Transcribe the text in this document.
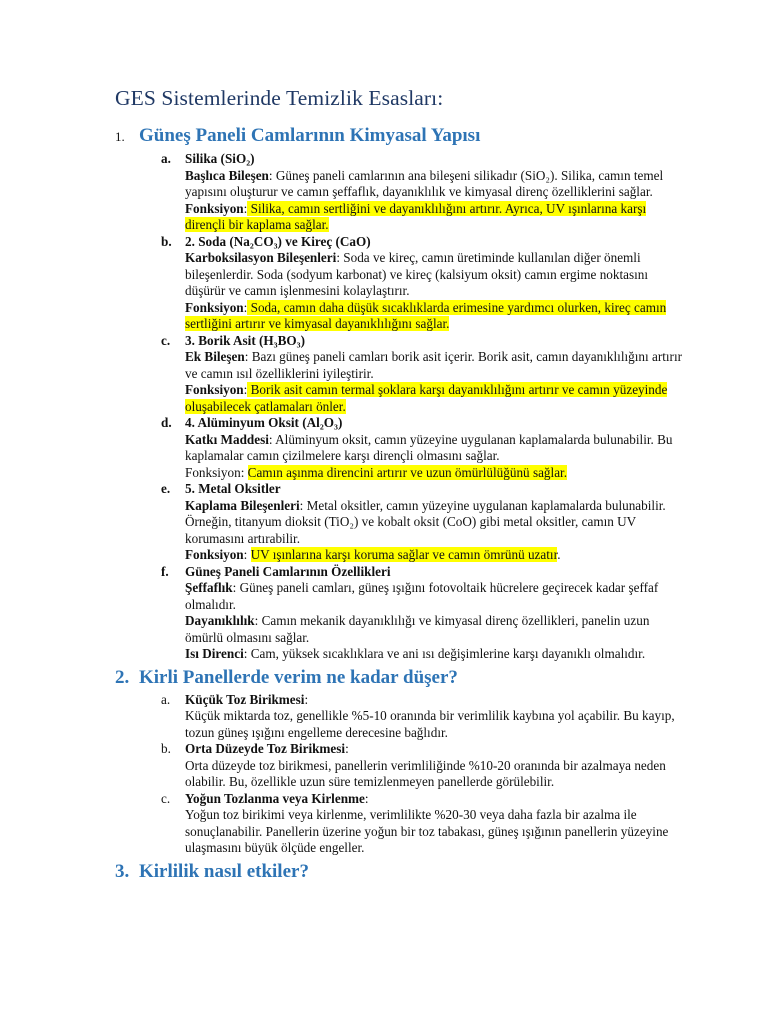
GES Sistemlerinde Temizlik Esasları:
1. Güneş Paneli Camlarının Kimyasal Yapısı
a.	Silika (SiO₂)

Başlıca Bileşen: Güneş paneli camlarının ana bileşeni silikadır (SiO₂). Silika, camın temel yapısını oluşturur ve camın şeffaflık, dayanıklılık ve kimyasal direnç özelliklerini sağlar.

Fonksiyon: Silika, camın sertliğini ve dayanıklılığını artırır. Ayrıca, UV ışınlarına karşı dirençli bir kaplama sağlar.

b.	2. Soda (Na₂CO₃) ve Kireç (CaO)

Karboksilasyon Bileşenleri: Soda ve kireç, camın üretiminde kullanılan diğer önemli bileşenlerdir. Soda (sodyum karbonat) ve kireç (kalsiyum oksit) camın ergime noktasını düşürür ve camın işlenmesini kolaylaştırır.

Fonksiyon: Soda, camın daha düşük sıcaklıklarda erimesine yardımcı olurken, kireç camın sertliğini artırır ve kimyasal dayanıklılığını sağlar.

c.	3. Borik Asit (H₃BO₃)

Ek Bileşen: Bazı güneş paneli camları borik asit içerir. Borik asit, camın dayanıklılığını artırır ve camın ısıl özelliklerini iyileştirir.

Fonksiyon: Borik asit camın termal şoklara karşı dayanıklılığını artırır ve camın yüzeyinde oluşabilecek çatlamaları önler.

d.	4. Alüminyum Oksit (Al₂O₃)

Katkı Maddesi: Alüminyum oksit, camın yüzeyine uygulanan kaplamalarda bulunabilir. Bu kaplamalar camın çizilmelere karşı dirençli olmasını sağlar.

Fonksiyon: Camın aşınma direncini artırır ve uzun ömürlülüğünü sağlar.

e.	5. Metal Oksitler

Kaplama Bileşenleri: Metal oksitler, camın yüzeyine uygulanan kaplamalarda bulunabilir. Örneğin, titanyum dioksit (TiO₂) ve kobalt oksit (CoO) gibi metal oksitler, camın UV korumasını artırabilir.

Fonksiyon: UV ışınlarına karşı koruma sağlar ve camın ömrünü uzatır.

f.	Güneş Paneli Camlarının Özellikleri

Şeffaflık: Güneş paneli camları, güneş ışığını fotovoltaik hücrelere geçirecek kadar şeffaf olmalıdır.

Dayanıklılık: Camın mekanik dayanıklılığı ve kimyasal direnç özellikleri, panelin uzun ömürlü olmasını sağlar.

Isı Direnci: Cam, yüksek sıcaklıklara ve ani ısı değişimlerine karşı dayanıklı olmalıdır.

2. Kirli Panellerde verim ne kadar düşer?
a.	Küçük Toz Birikmesi:

Küçük miktarda toz, genellikle %5-10 oranında bir verimlilik kaybına yol açabilir. Bu kayıp, tozun güneş ışığını engelleme derecesine bağlıdır.

b.	Orta Düzeyde Toz Birikmesi:

Orta düzeyde toz birikmesi, panellerin verimliliğinde %10-20 oranında bir azalmaya neden olabilir. Bu, özellikle uzun süre temizlenmeyen panellerde görülebilir.

c.	Yoğun Tozlanma veya Kirlenme:

Yoğun toz birikimi veya kirlenme, verimlilikte %20-30 veya daha fazla bir azalma ile sonuçlanabilir. Panellerin üzerine yoğun bir toz tabakası, güneş ışığının panellerin yüzeyine ulaşmasını büyük ölçüde engeller.

3. Kirlilik nasıl etkiler?
